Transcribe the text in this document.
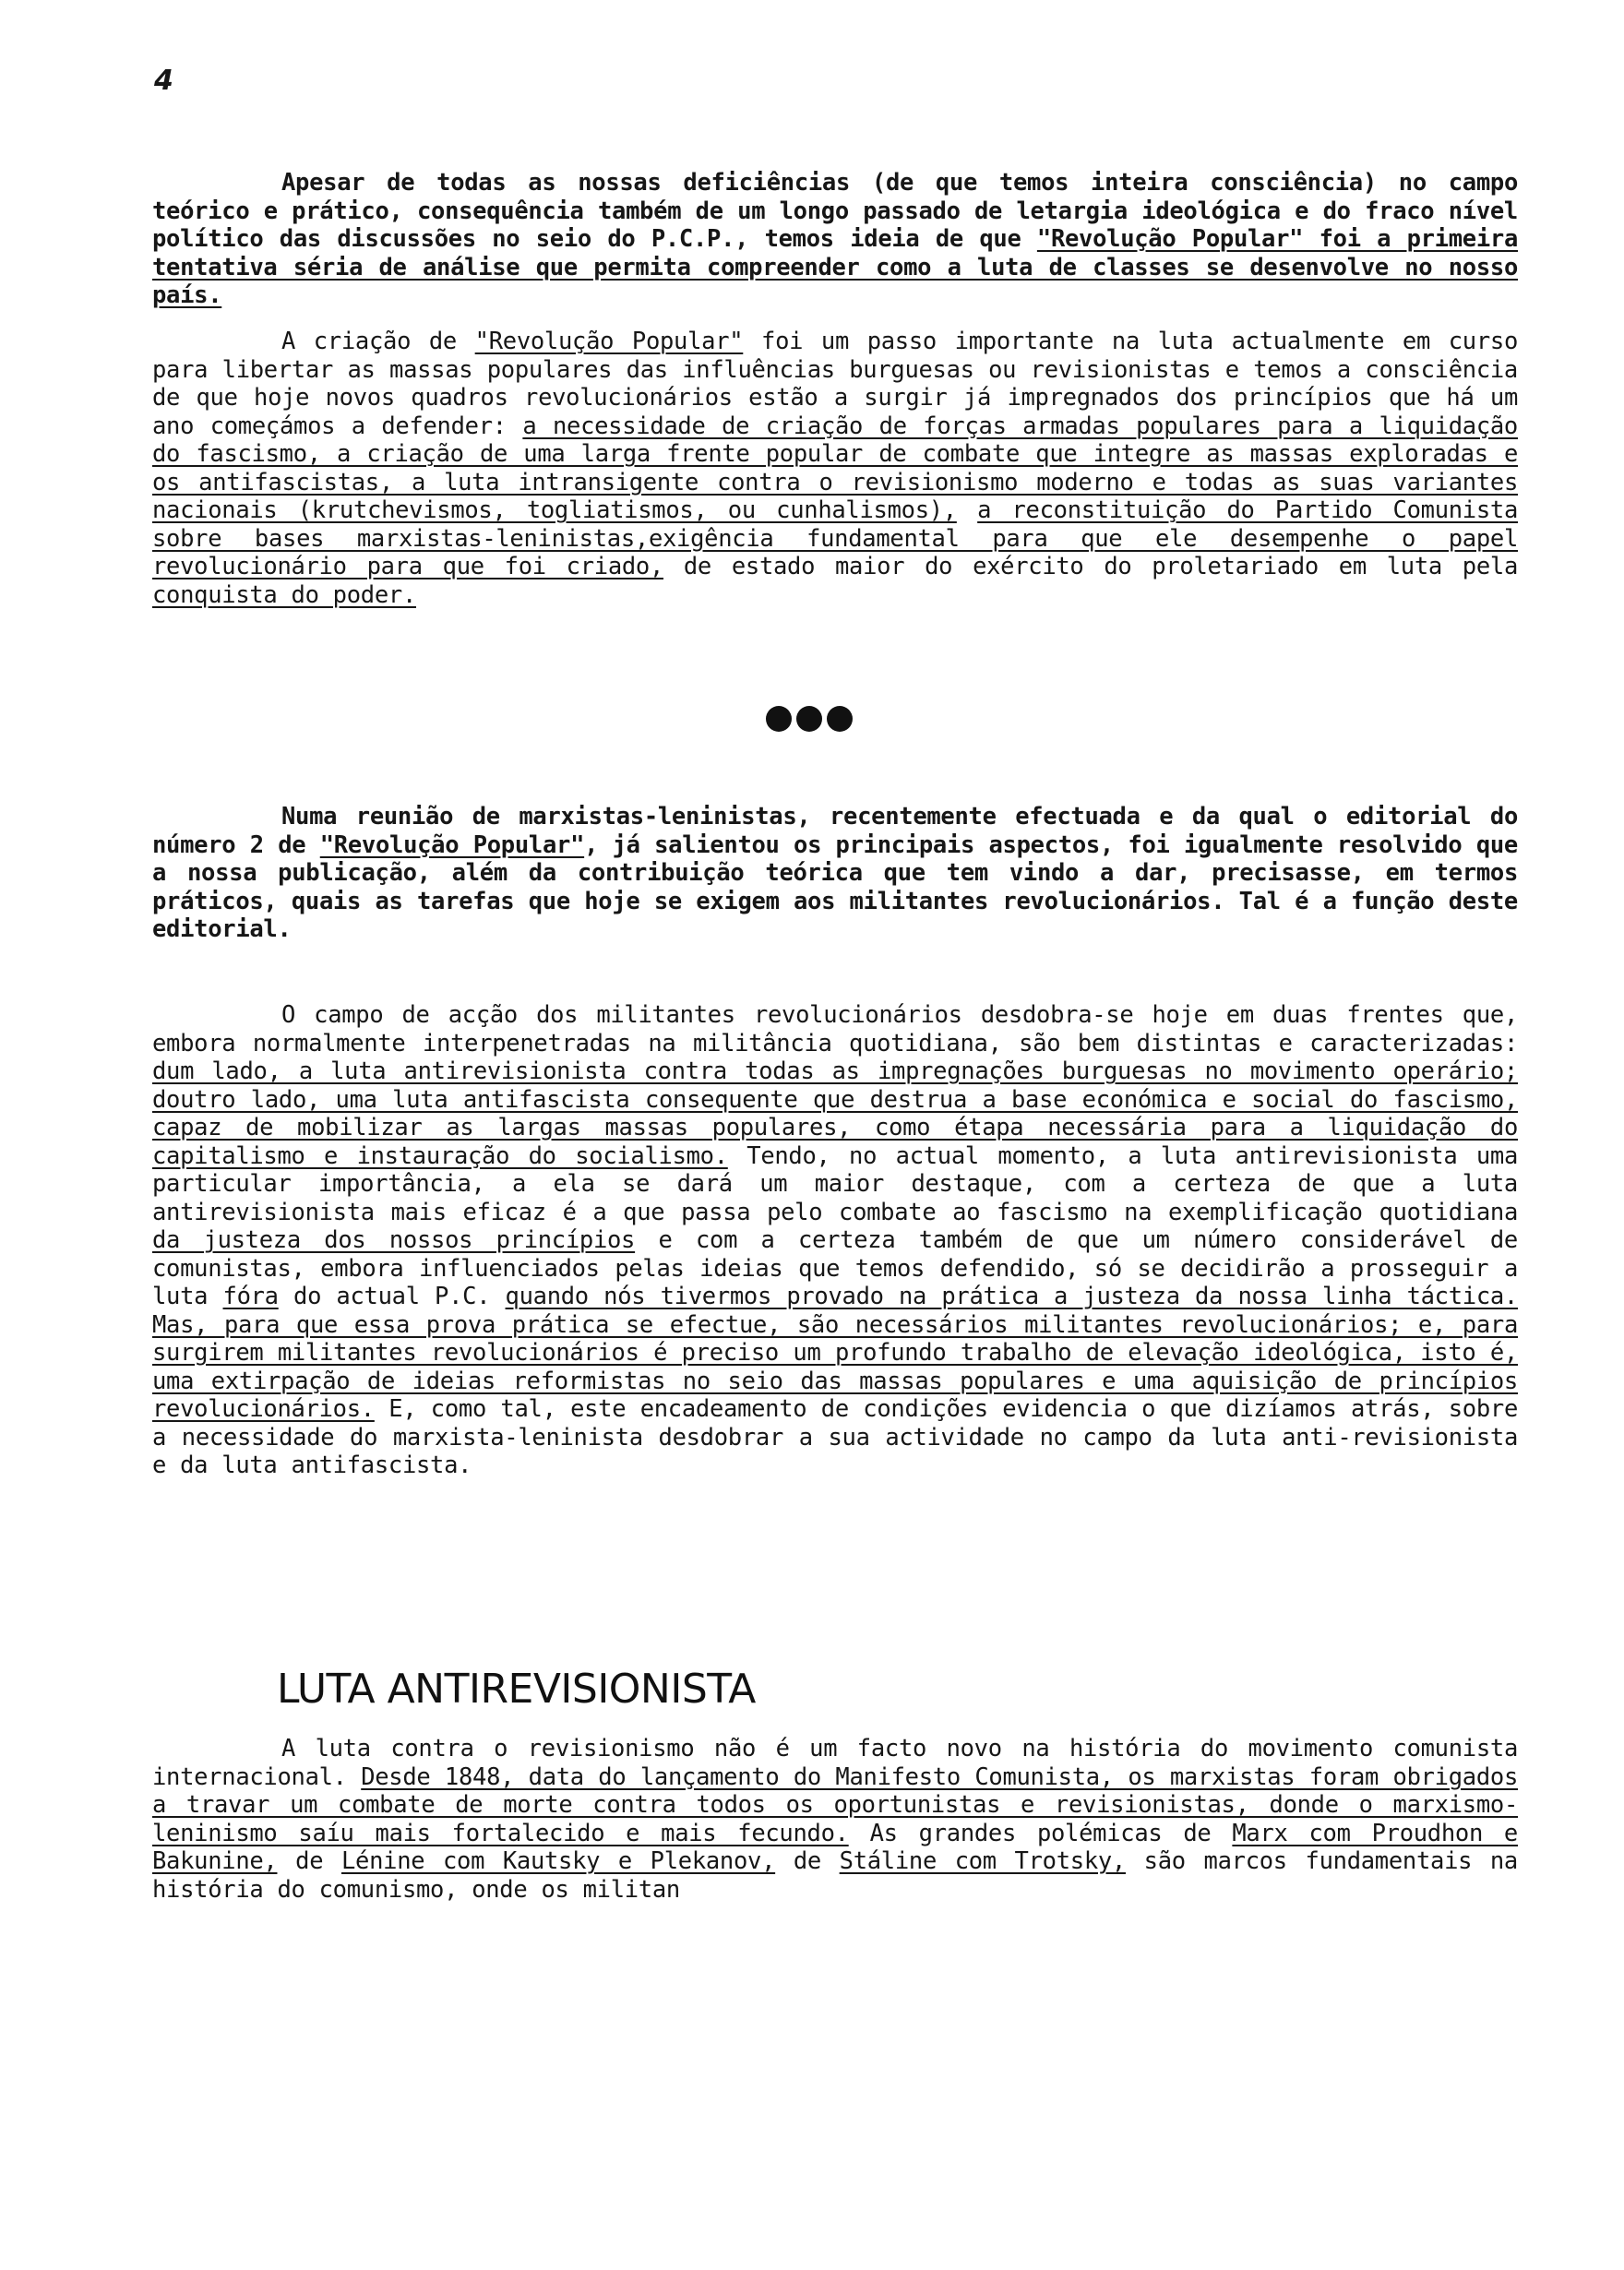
4

Apesar de todas as nossas deficiências (de que temos inteira consciência) no campo teórico e prático, consequência também de um longo passado de letargia ideológica e do fraco nível político das discussões no seio do P.C.P., temos ideia de que "Revolução Popular" foi a primeira tentativa séria de análise que permita compreender como a luta de classes se desenvolve no nosso país.

A criação de "Revolução Popular" foi um passo importante na luta actualmente em curso para libertar as massas populares das influências burguesas ou revisionistas e temos a consciência de que hoje novos quadros revolucionários estão a surgir já impregnados dos princípios que há um ano começámos a defender: a necessidade de criação de forças armadas populares para a liquidação do fascismo, a criação de uma larga frente popular de combate que integre as massas exploradas e os antifascistas, a luta intransigente contra o revisionismo moderno e todas as suas variantes nacionais (krutchevismos, togliatismos, ou cunhalismos), a reconstituição do Partido Comunista sobre bases marxistas-leninistas,exigência fundamental para que ele desempenhe o papel revolucionário para que foi criado, de estado maior do exército do proletariado em luta pela conquista do poder.

Numa reunião de marxistas-leninistas, recentemente efectuada e da qual o editorial do número 2 de "Revolução Popular", já salientou os principais aspectos, foi igualmente resolvido que a nossa publicação, além da contribuição teórica que tem vindo a dar, precisasse, em termos práticos, quais as tarefas que hoje se exigem aos militantes revolucionários. Tal é a função deste editorial.

O campo de acção dos militantes revolucionários desdobra-se hoje em duas frentes que, embora normalmente interpenetradas na militância quotidiana, são bem distintas e caracterizadas: dum lado, a luta antirevisionista contra todas as impregnações burguesas no movimento operário; doutro lado, uma luta antifascista consequente que destrua a base económica e social do fascismo, capaz de mobilizar as largas massas populares, como étapa necessária para a liquidação do capitalismo e instauração do socialismo. Tendo, no actual momento, a luta antirevisionista uma particular importância, a ela se dará um maior destaque, com a certeza de que a luta antirevisionista mais eficaz é a que passa pelo combate ao fascismo na exemplificação quotidiana da justeza dos nossos princípios e com a certeza também de que um número considerável de comunistas, embora influenciados pelas ideias que temos defendido, só se decidirão a prosseguir a luta fóra do actual P.C. quando nós tivermos provado na prática a justeza da nossa linha táctica. Mas, para que essa prova prática se efectue, são necessários militantes revolucionários; e, para surgirem militantes revolucionários é preciso um profundo trabalho de elevação ideológica, isto é, uma extirpação de ideias reformistas no seio das massas populares e uma aquisição de princípios revolucionários. E, como tal, este encadeamento de condições evidencia o que dizíamos atrás, sobre a necessidade do marxista-leninista desdobrar a sua actividade no campo da luta anti-revisionista e da luta antifascista.

LUTA ANTIREVISIONISTA

A luta contra o revisionismo não é um facto novo na história do movimento comunista internacional. Desde 1848, data do lançamento do Manifesto Comunista, os marxistas foram obrigados a travar um combate de morte contra todos os oportunistas e revisionistas, donde o marxismo-leninismo saíu mais fortalecido e mais fecundo. As grandes polémicas de Marx com Proudhon e Bakunine, de Lénine com Kautsky e Plekanov, de Stáline com Trotsky, são marcos fundamentais na história do comunismo, onde os militan
